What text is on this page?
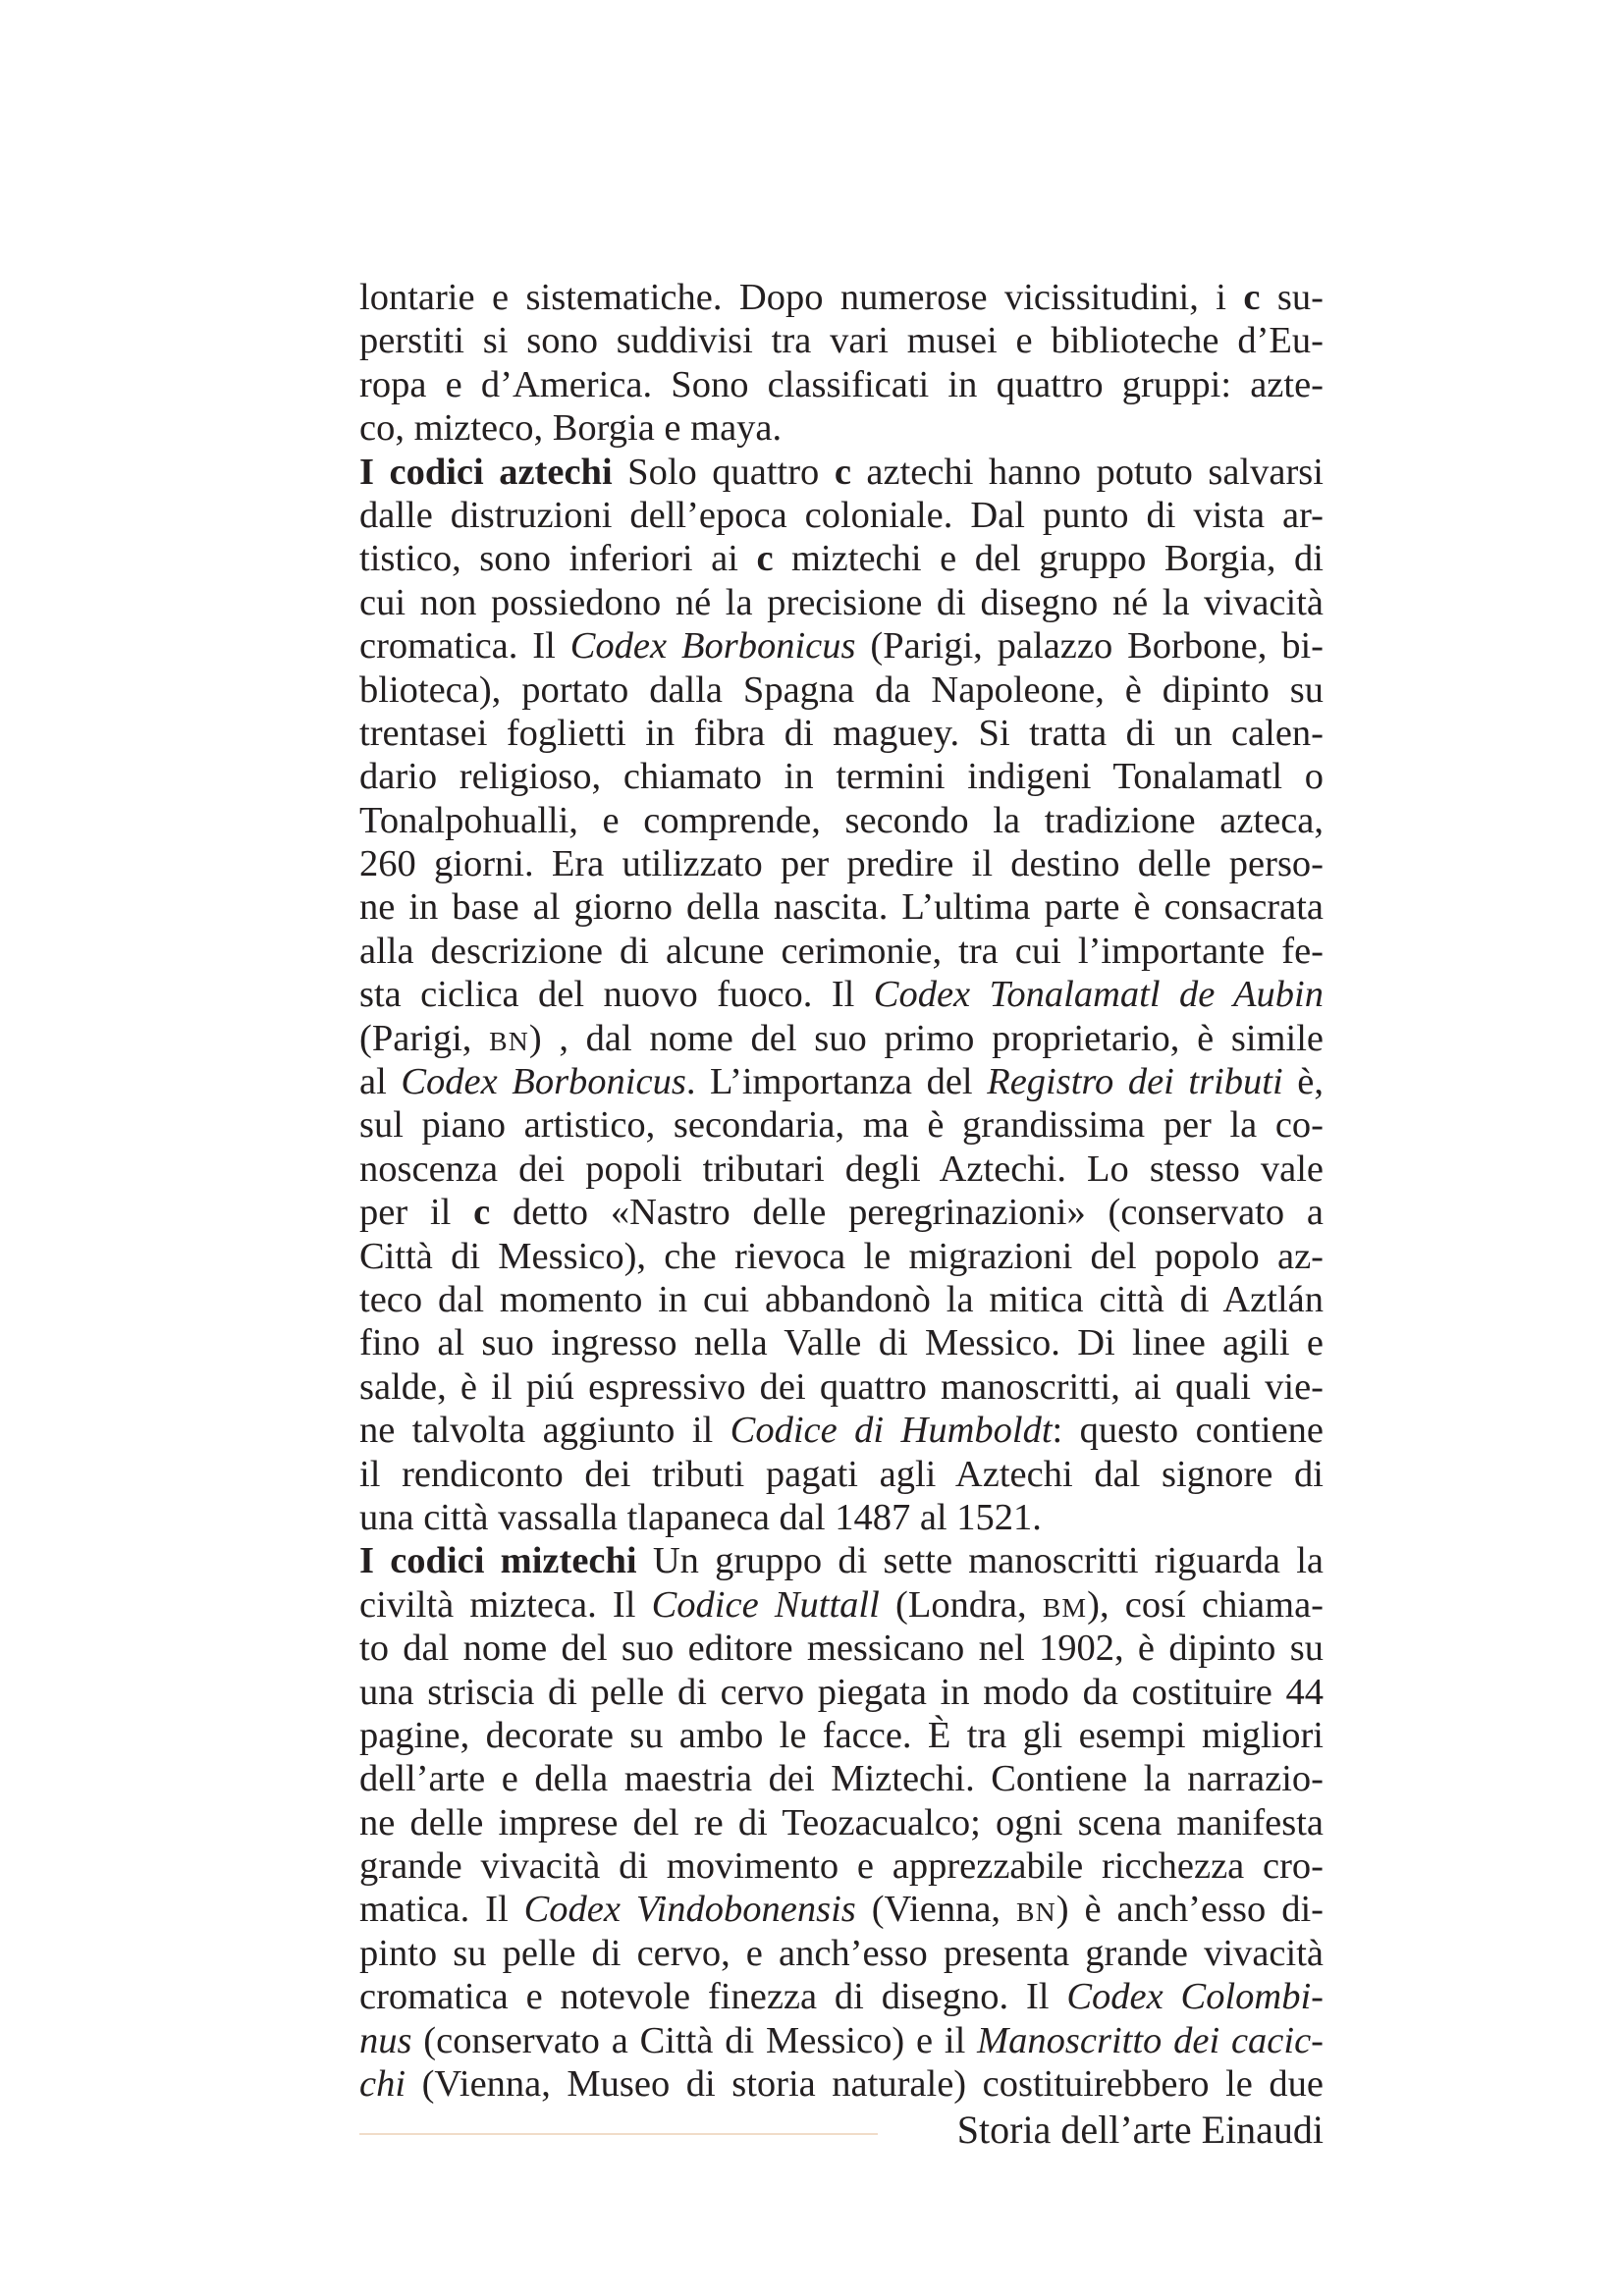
lontarie e sistematiche. Dopo numerose vicissitudini, i c su-
perstiti si sono suddivisi tra vari musei e biblioteche d’Eu-
ropa e d’America. Sono classificati in quattro gruppi: azte-
co, mizteco, Borgia e maya.
I codici aztechi Solo quattro c aztechi hanno potuto salvarsi
dalle distruzioni dell’epoca coloniale. Dal punto di vista ar-
tistico, sono inferiori ai c miztechi e del gruppo Borgia, di
cui non possiedono né la precisione di disegno né la vivacità
cromatica. Il Codex Borbonicus (Parigi, palazzo Borbone, bi-
blioteca), portato dalla Spagna da Napoleone, è dipinto su
trentasei foglietti in fibra di maguey. Si tratta di un calen-
dario religioso, chiamato in termini indigeni Tonalamatl o
Tonalpohualli, e comprende, secondo la tradizione azteca,
260 giorni. Era utilizzato per predire il destino delle perso-
ne in base al giorno della nascita. L’ultima parte è consacrata
alla descrizione di alcune cerimonie, tra cui l’importante fe-
sta ciclica del nuovo fuoco. Il Codex Tonalamatl de Aubin
(Parigi, BN) , dal nome del suo primo proprietario, è simile
al Codex Borbonicus. L’importanza del Registro dei tributi è,
sul piano artistico, secondaria, ma è grandissima per la co-
noscenza dei popoli tributari degli Aztechi. Lo stesso vale
per il c detto «Nastro delle peregrinazioni» (conservato a
Città di Messico), che rievoca le migrazioni del popolo az-
teco dal momento in cui abbandonò la mitica città di Aztlán
fino al suo ingresso nella Valle di Messico. Di linee agili e
salde, è il piú espressivo dei quattro manoscritti, ai quali vie-
ne talvolta aggiunto il Codice di Humboldt: questo contiene
il rendiconto dei tributi pagati agli Aztechi dal signore di
una città vassalla tlapaneca dal 1487 al 1521.
I codici miztechi Un gruppo di sette manoscritti riguarda la
civiltà mizteca. Il Codice Nuttall (Londra, BM), cosí chiama-
to dal nome del suo editore messicano nel 1902, è dipinto su
una striscia di pelle di cervo piegata in modo da costituire 44
pagine, decorate su ambo le facce. È tra gli esempi migliori
dell’arte e della maestria dei Miztechi. Contiene la narrazio-
ne delle imprese del re di Teozacualco; ogni scena manifesta
grande vivacità di movimento e apprezzabile ricchezza cro-
matica. Il Codex Vindobonensis (Vienna, BN) è anch’esso di-
pinto su pelle di cervo, e anch’esso presenta grande vivacità
cromatica e notevole finezza di disegno. Il Codex Colombi-
nus (conservato a Città di Messico) e il Manoscritto dei cacic-
chi (Vienna, Museo di storia naturale) costituirebbero le due
Storia dell’arte Einaudi
